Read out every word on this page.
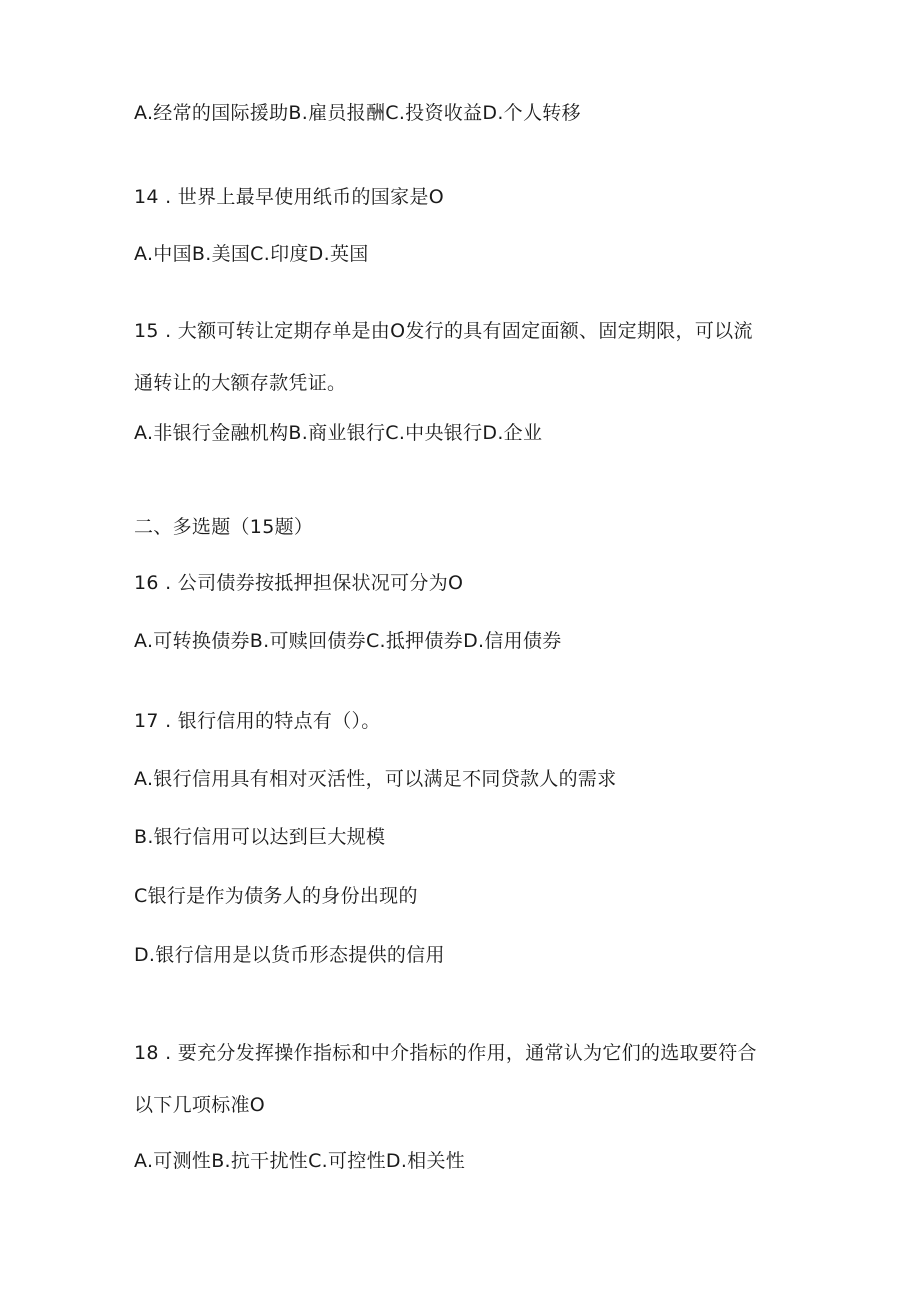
A.经常的国际援助B.雇员报酬C.投资收益D.个人转移
14 . 世界上最早使用纸币的国家是O
A.中国B.美国C.印度D.英国
15 . 大额可转让定期存单是由O发行的具有固定面额、固定期限，可以流
通转让的大额存款凭证。
A.非银行金融机构B.商业银行C.中央银行D.企业
二、多选题（15题）
16 . 公司债券按抵押担保状况可分为O
A.可转换债券B.可赎回债券C.抵押债券D.信用债券
17 . 银行信用的特点有（）。
A.银行信用具有相对灭活性，可以满足不同贷款人的需求
B.银行信用可以达到巨大规模
C银行是作为债务人的身份出现的
D.银行信用是以货币形态提供的信用
18 . 要充分发挥操作指标和中介指标的作用，通常认为它们的选取要符合
以下几项标准O
A.可测性B.抗干扰性C.可控性D.相关性
